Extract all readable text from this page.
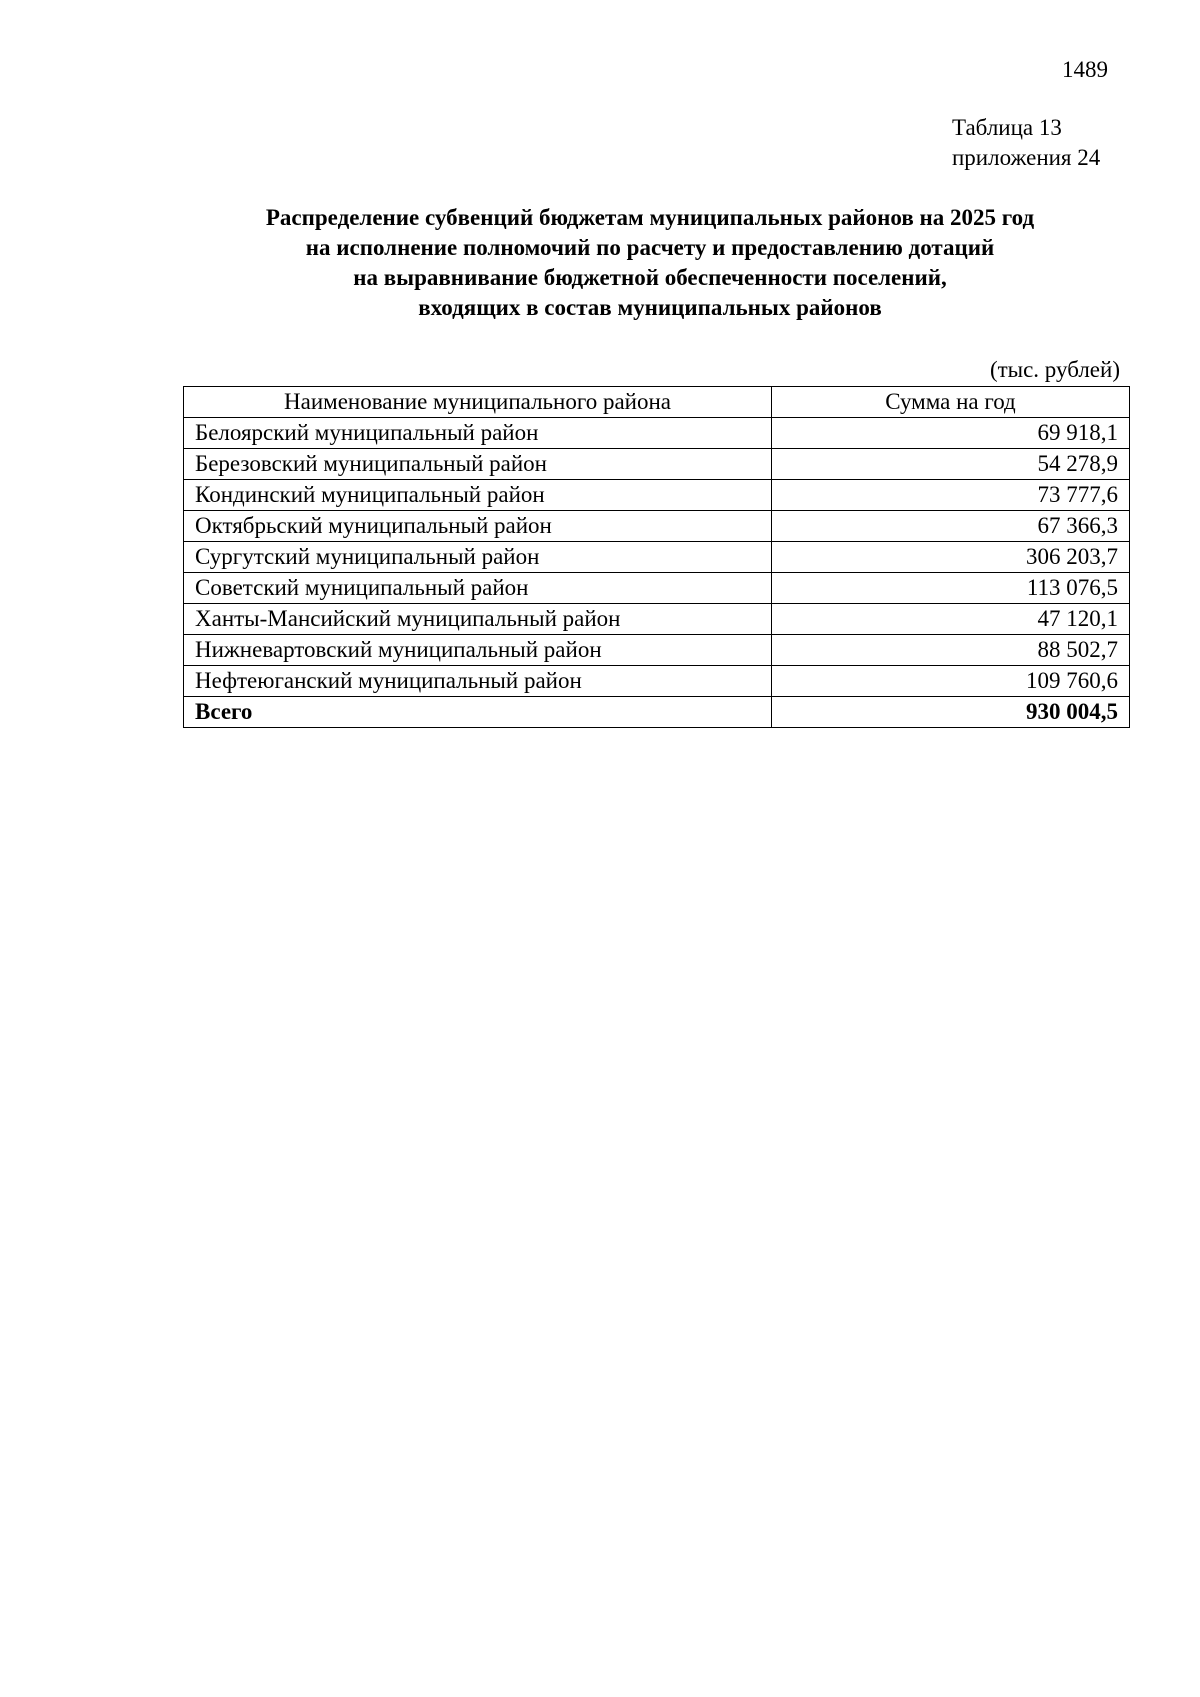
1489
Таблица 13
приложения 24
Распределение субвенций бюджетам муниципальных районов на 2025 год
на исполнение полномочий по расчету и предоставлению дотаций
на выравнивание бюджетной обеспеченности поселений,
входящих в состав муниципальных районов
(тыс. рублей)
Наименование муниципального района	Сумма на год
Белоярский муниципальный район	69 918,1
Березовский муниципальный район	54 278,9
Кондинский муниципальный район	73 777,6
Октябрьский муниципальный район	67 366,3
Сургутский муниципальный район	306 203,7
Советский муниципальный район	113 076,5
Ханты-Мансийский муниципальный район	47 120,1
Нижневартовский муниципальный район	88 502,7
Нефтеюганский муниципальный район	109 760,6
Всего	930 004,5
